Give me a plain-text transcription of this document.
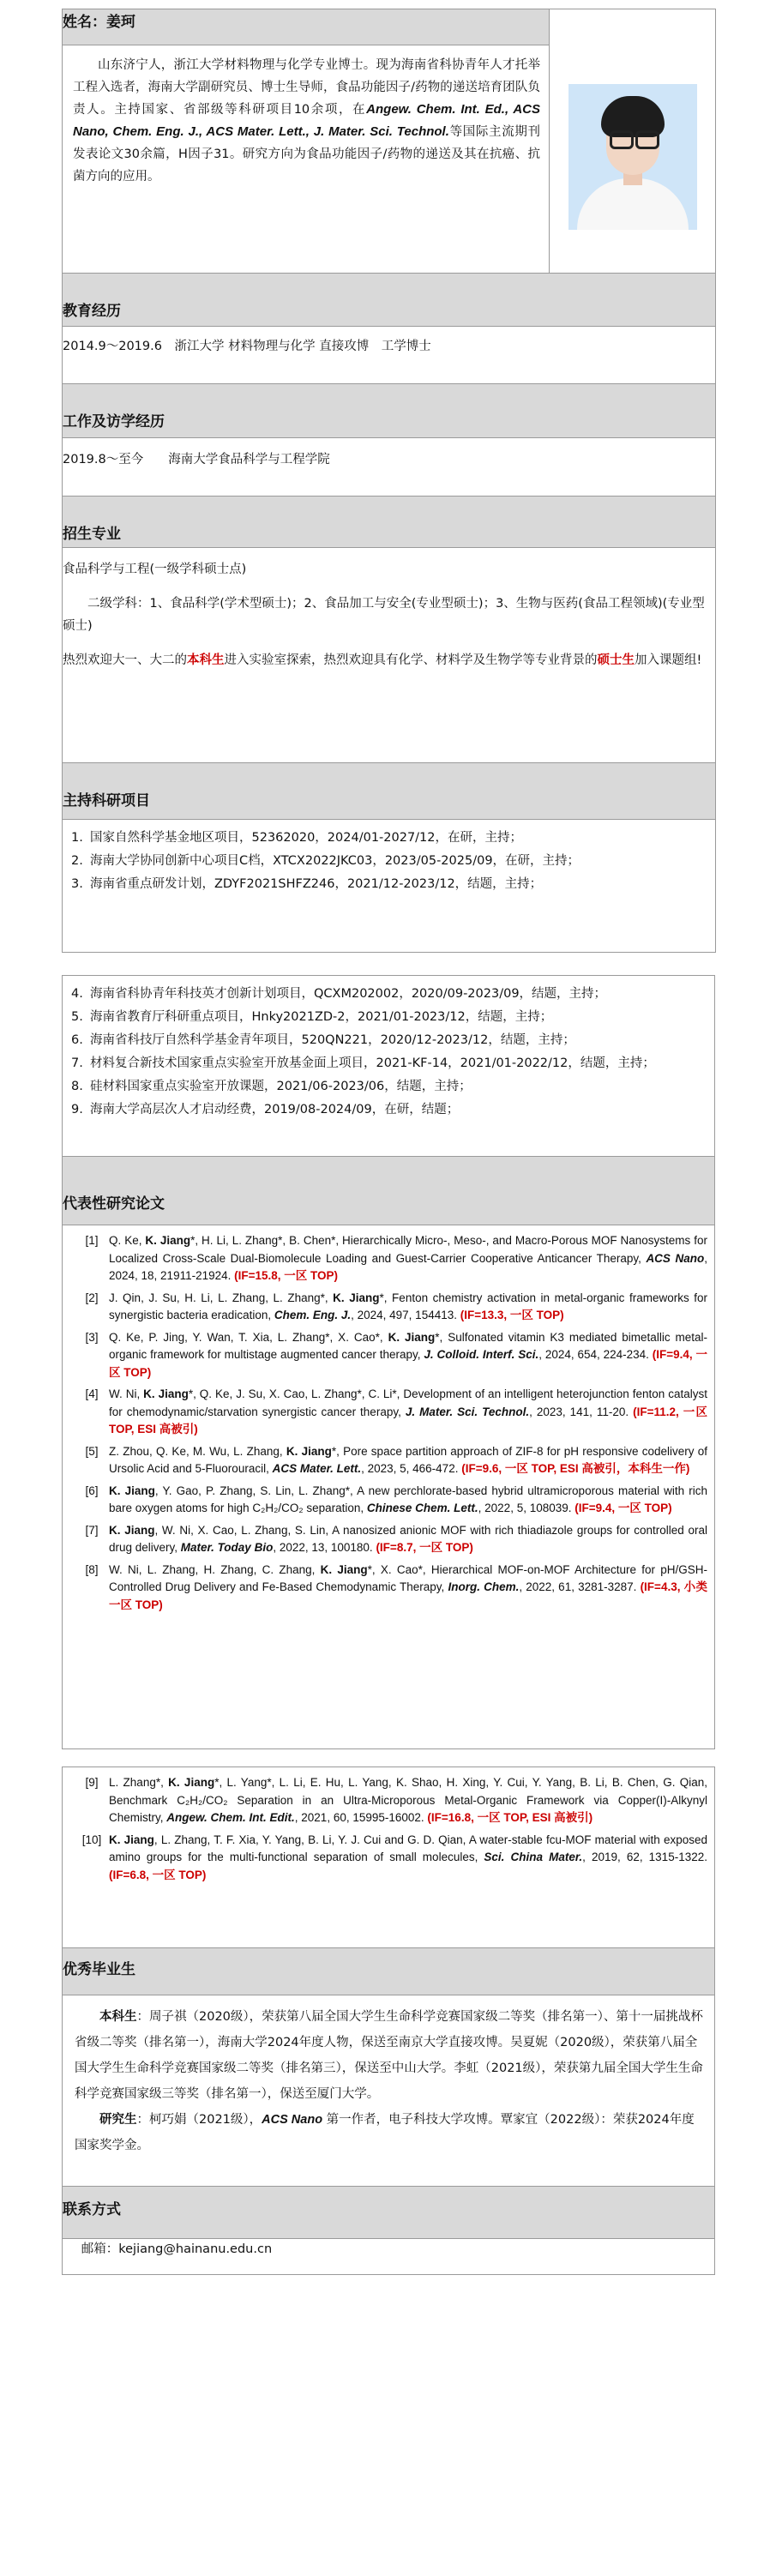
姓名：姜珂	

山东济宁人，浙江大学材料物理与化学专业博士。现为海南省科协青年人才托举工程入选者，海南大学副研究员、博士生导师，食品功能因子/药物的递送培育团队负责人。主持国家、省部级等科研项目10余项，在Angew. Chem. Int. Ed., ACS Nano, Chem. Eng. J., ACS Mater. Lett., J. Mater. Sci. Technol.等国际主流期刊发表论文30余篇，H因子31。研究方向为食品功能因子/药物的递送及其在抗癌、抗菌方向的应用。

教育经历

2014.9～2019.6　浙江大学 材料物理与化学 直接攻博　工学博士

工作及访学经历

2019.8～至今　　海南大学食品科学与工程学院

招生专业

食品科学与工程(一级学科硕士点)
二级学科：1、食品科学(学术型硕士)；2、食品加工与安全(专业型硕士)；3、生物与医药(食品工程领域)(专业型硕士)
热烈欢迎大一、大二的本科生进入实验室探索，热烈欢迎具有化学、材料学及生物学等专业背景的硕士生加入课题组!

主持科研项目

1. 国家自然科学基金地区项目，52362020，2024/01-2027/12，在研，主持；
2. 海南大学协同创新中心项目C档，XTCX2022JKC03，2023/05-2025/09，在研，主持；
3. 海南省重点研发计划，ZDYF2021SHFZ246，2021/12-2023/12，结题，主持；
4. 海南省科协青年科技英才创新计划项目，QCXM202002，2020/09-2023/09，结题，主持；
5. 海南省教育厅科研重点项目，Hnky2021ZD-2，2021/01-2023/12，结题，主持；
6. 海南省科技厅自然科学基金青年项目，520QN221，2020/12-2023/12，结题，主持；
7. 材料复合新技术国家重点实验室开放基金面上项目，2021-KF-14，2021/01-2022/12，结题，主持；
8. 硅材料国家重点实验室开放课题，2021/06-2023/06，结题，主持；
9. 海南大学高层次人才启动经费，2019/08-2024/09，在研，结题；

代表性研究论文

[1] Q. Ke, K. Jiang*, H. Li, L. Zhang*, B. Chen*, Hierarchically Micro-, Meso-, and Macro-Porous MOF Nanosystems for Localized Cross-Scale Dual-Biomolecule Loading and Guest-Carrier Cooperative Anticancer Therapy, ACS Nano, 2024, 18, 21911-21924. (IF=15.8, 一区 TOP)
[2] J. Qin, J. Su, H. Li, L. Zhang, L. Zhang*, K. Jiang*, Fenton chemistry activation in metal-organic frameworks for synergistic bacteria eradication, Chem. Eng. J., 2024, 497, 154413. (IF=13.3, 一区 TOP)
[3] Q. Ke, P. Jing, Y. Wan, T. Xia, L. Zhang*, X. Cao*, K. Jiang*, Sulfonated vitamin K3 mediated bimetallic metal-organic framework for multistage augmented cancer therapy, J. Colloid. Interf. Sci., 2024, 654, 224-234. (IF=9.4, 一区 TOP)
[4] W. Ni, K. Jiang*, Q. Ke, J. Su, X. Cao, L. Zhang*, C. Li*, Development of an intelligent heterojunction fenton catalyst for chemodynamic/starvation synergistic cancer therapy, J. Mater. Sci. Technol., 2023, 141, 11-20. (IF=11.2, 一区 TOP, ESI 高被引)
[5] Z. Zhou, Q. Ke, M. Wu, L. Zhang, K. Jiang*, Pore space partition approach of ZIF-8 for pH responsive codelivery of Ursolic Acid and 5-Fluorouracil, ACS Mater. Lett., 2023, 5, 466-472. (IF=9.6, 一区 TOP, ESI 高被引，本科生一作)
[6] K. Jiang, Y. Gao, P. Zhang, S. Lin, L. Zhang*, A new perchlorate-based hybrid ultramicroporous material with rich bare oxygen atoms for high C₂H₂/CO₂ separation, Chinese Chem. Lett., 2022, 5, 108039. (IF=9.4, 一区 TOP)
[7] K. Jiang, W. Ni, X. Cao, L. Zhang, S. Lin, A nanosized anionic MOF with rich thiadiazole groups for controlled oral drug delivery, Mater. Today Bio, 2022, 13, 100180. (IF=8.7, 一区 TOP)
[8] W. Ni, L. Zhang, H. Zhang, C. Zhang, K. Jiang*, X. Cao*, Hierarchical MOF-on-MOF Architecture for pH/GSH-Controlled Drug Delivery and Fe-Based Chemodynamic Therapy, Inorg. Chem., 2022, 61, 3281-3287. (IF=4.3, 小类一区 TOP)
[9] L. Zhang*, K. Jiang*, L. Yang*, L. Li, E. Hu, L. Yang, K. Shao, H. Xing, Y. Cui, Y. Yang, B. Li, B. Chen, G. Qian, Benchmark C₂H₂/CO₂ Separation in an Ultra-Microporous Metal-Organic Framework via Copper(I)-Alkynyl Chemistry, Angew. Chem. Int. Edit., 2021, 60, 15995-16002. (IF=16.8, 一区 TOP, ESI 高被引)
[10] K. Jiang, L. Zhang, T. F. Xia, Y. Yang, B. Li, Y. J. Cui and G. D. Qian, A water-stable fcu-MOF material with exposed amino groups for the multi-functional separation of small molecules, Sci. China Mater., 2019, 62, 1315-1322. (IF=6.8, 一区 TOP)

优秀毕业生

本科生：周子祺（2020级），荣获第八届全国大学生生命科学竞赛国家级二等奖（排名第一）、第十一届挑战杯省级二等奖（排名第一），海南大学2024年度人物，保送至南京大学直接攻博。吴夏妮（2020级），荣获第八届全国大学生生命科学竞赛国家级二等奖（排名第三），保送至中山大学。李虹（2021级），荣获第九届全国大学生生命科学竞赛国家级三等奖（排名第一），保送至厦门大学。

研究生：柯巧娟（2021级），ACS Nano 第一作者，电子科技大学攻博。覃家宜（2022级）：荣获2024年度国家奖学金。

联系方式
邮箱：kejiang@hainanu.edu.cn
